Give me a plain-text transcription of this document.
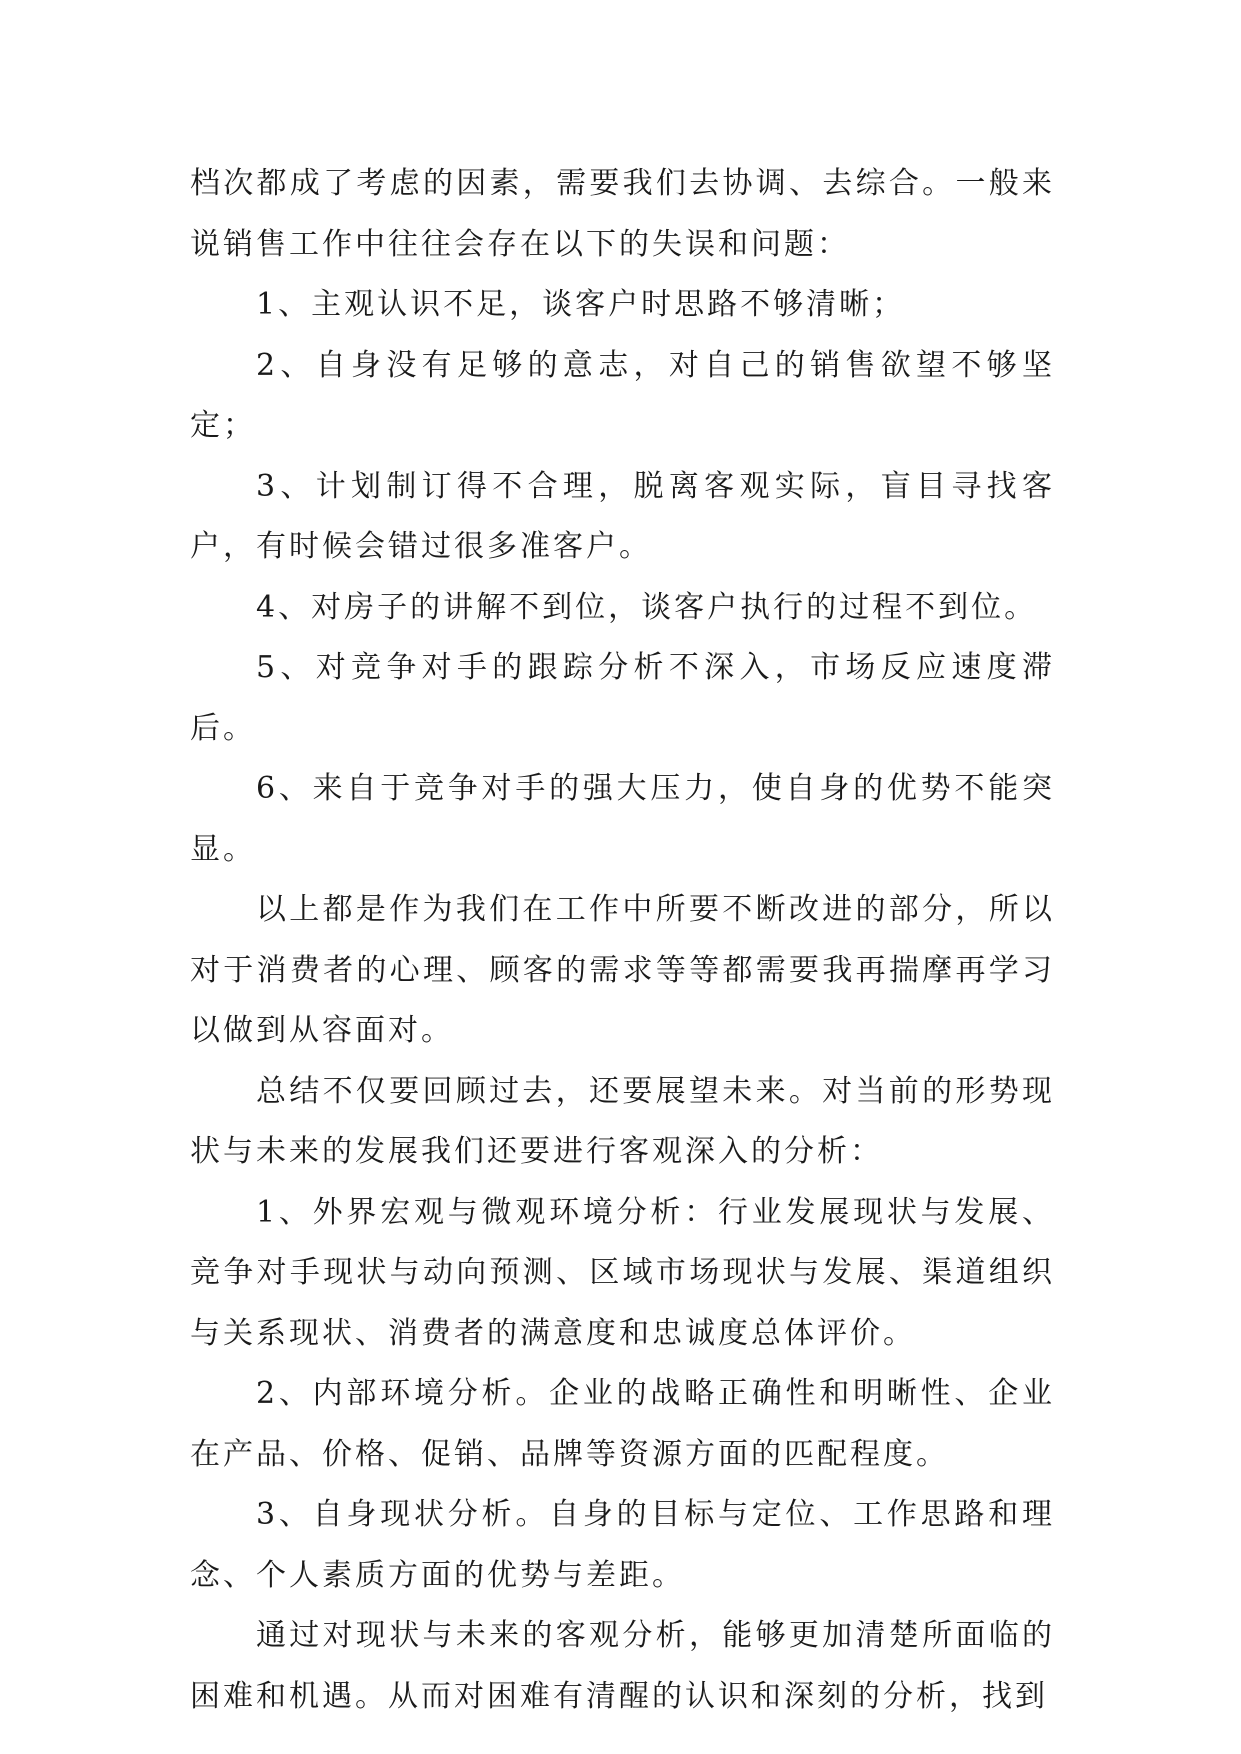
档次都成了考虑的因素，需要我们去协调、去综合。一般来说销售工作中往往会存在以下的失误和问题：

1、主观认识不足，谈客户时思路不够清晰；

2、自身没有足够的意志，对自己的销售欲望不够坚定；

3、计划制订得不合理，脱离客观实际，盲目寻找客户，有时候会错过很多准客户。

4、对房子的讲解不到位，谈客户执行的过程不到位。

5、对竞争对手的跟踪分析不深入，市场反应速度滞后。

6、来自于竞争对手的强大压力，使自身的优势不能突显。

以上都是作为我们在工作中所要不断改进的部分，所以对于消费者的心理、顾客的需求等等都需要我再揣摩再学习以做到从容面对。

总结不仅要回顾过去，还要展望未来。对当前的形势现状与未来的发展我们还要进行客观深入的分析：

1、外界宏观与微观环境分析：行业发展现状与发展、竞争对手现状与动向预测、区域市场现状与发展、渠道组织与关系现状、消费者的满意度和忠诚度总体评价。

2、内部环境分析。企业的战略正确性和明晰性、企业在产品、价格、促销、品牌等资源方面的匹配程度。

3、自身现状分析。自身的目标与定位、工作思路和理念、个人素质方面的优势与差距。

通过对现状与未来的客观分析，能够更加清楚所面临的困难和机遇。从而对困难有清醒的认识和深刻的分析，找到
